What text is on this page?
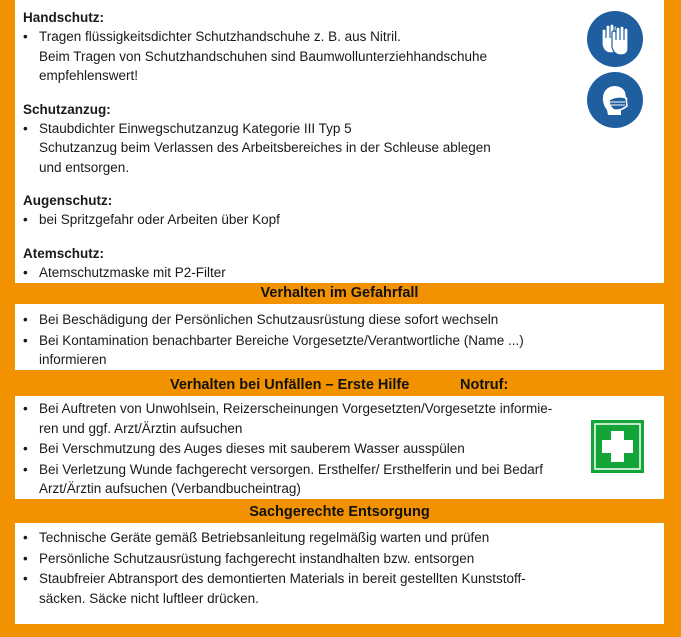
Handschutz:

• Tragen flüssigkeitsdichter Schutzhandschuhe z. B. aus Nitril.
Beim Tragen von Schutzhandschuhen sind Baumwollunterziehhandschuhe
empfehlenswert!

Schutzanzug:

• Staubdichter Einwegschutzanzug Kategorie III Typ 5
Schutzanzug beim Verlassen des Arbeitsbereiches in der Schleuse ablegen
und entsorgen.

Augenschutz:

• bei Spritzgefahr oder Arbeiten über Kopf

Atemschutz:

• Atemschutzmaske mit P2-Filter
Verhalten im Gefahrfall
• Bei Beschädigung der Persönlichen Schutzausrüstung diese sofort wechseln
• Bei Kontamination benachbarter Bereiche Vorgesetzte/Verantwortliche (Name ...)
informieren
Verhalten bei Unfällen – Erste Hilfe	Notruf:
• Bei Auftreten von Unwohlsein, Reizerscheinungen Vorgesetzten/Vorgesetzte informie-
ren und ggf. Arzt/Ärztin aufsuchen
• Bei Verschmutzung des Auges dieses mit sauberem Wasser ausspülen
• Bei Verletzung Wunde fachgerecht versorgen. Ersthelfer/ Ersthelferin und bei Bedarf
Arzt/Ärztin aufsuchen (Verbandbucheintrag)
Sachgerechte Entsorgung
• Technische Geräte gemäß Betriebsanleitung regelmäßig warten und prüfen
• Persönliche Schutzausrüstung fachgerecht instandhalten bzw. entsorgen
• Staubfreier Abtransport des demontierten Materials in bereit gestellten Kunststoff-
säcken. Säcke nicht luftleer drücken.
